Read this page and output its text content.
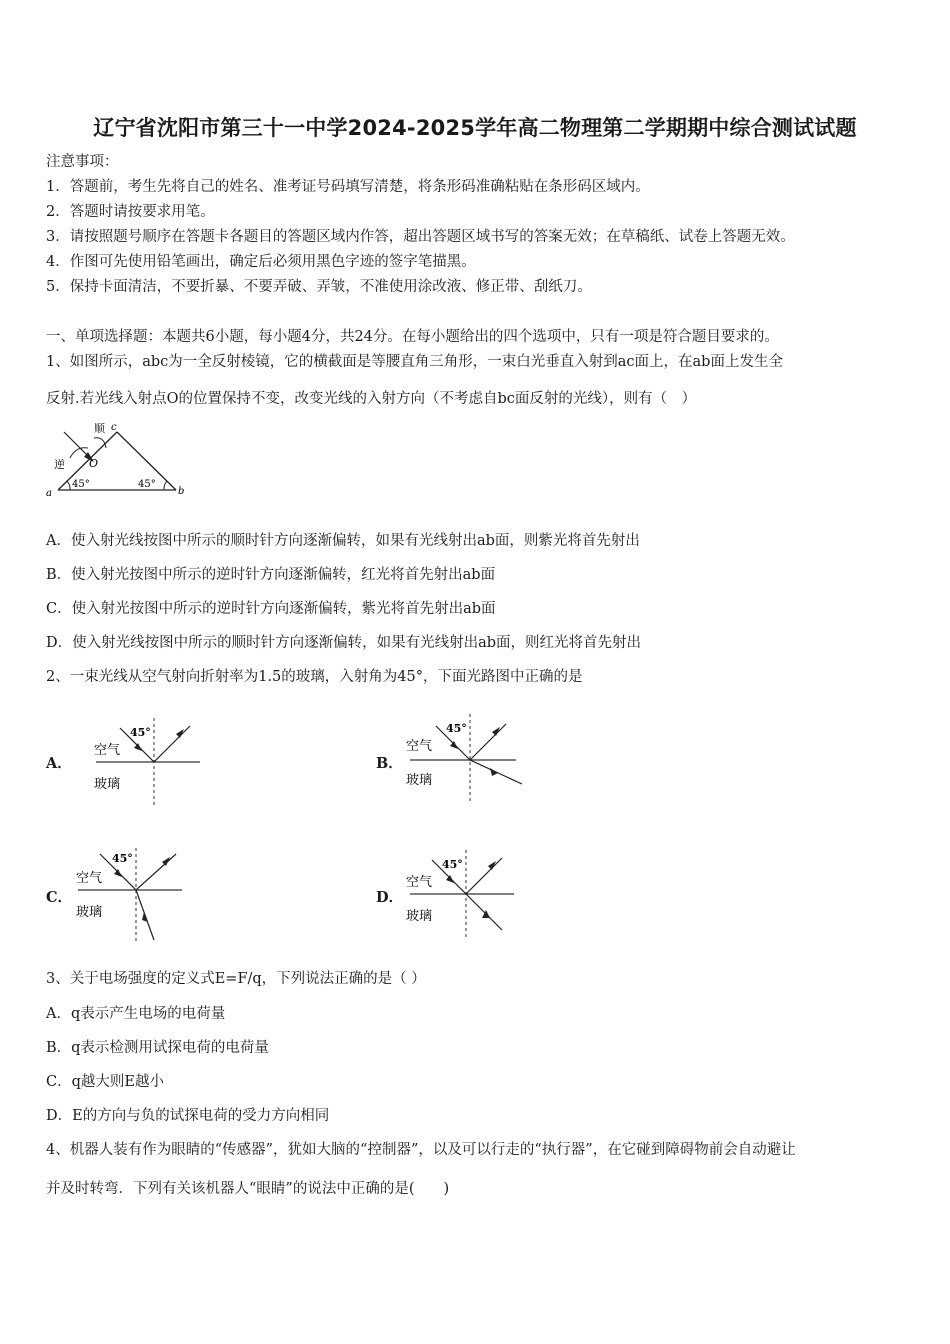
辽宁省沈阳市第三十一中学2024-2025学年高二物理第二学期期中综合测试试题
注意事项：
1．答题前，考生先将自己的姓名、准考证号码填写清楚，将条形码准确粘贴在条形码区域内。
2．答题时请按要求用笔。
3．请按照题号顺序在答题卡各题目的答题区域内作答，超出答题区域书写的答案无效；在草稿纸、试卷上答题无效。
4．作图可先使用铅笔画出，确定后必须用黑色字迹的签字笔描黑。
5．保持卡面清洁，不要折暴、不要弄破、弄皱，不准使用涂改液、修正带、刮纸刀。
一、单项选择题：本题共6小题，每小题4分，共24分。在每小题给出的四个选项中，只有一项是符合题目要求的。
1、如图所示，abc为一全反射棱镜，它的横截面是等腰直角三角形，一束白光垂直入射到ac面上，在ab面上发生全
反射.若光线入射点O的位置保持不变，改变光线的入射方向（不考虑自bc面反射的光线），则有（　）
顺
逆 O
a	b
c
45°	45°
A．使入射光线按图中所示的顺时针方向逐渐偏转，如果有光线射出ab面，则紫光将首先射出
B．使入射光按图中所示的逆时针方向逐渐偏转，红光将首先射出ab面
C．使入射光按图中所示的逆时针方向逐渐偏转，紫光将首先射出ab面
D．使入射光线按图中所示的顺时针方向逐渐偏转，如果有光线射出ab面，则红光将首先射出
2、一束光线从空气射向折射率为1.5的玻璃，入射角为45°，下面光路图中正确的是
A．	B．
C．	D．
45°
空气
玻璃
45°
空气
玻璃
45°
空气
玻璃
45°
空气
玻璃
3、关于电场强度的定义式E=F/q，下列说法正确的是（ ）
A．q表示产生电场的电荷量
B．q表示检测用试探电荷的电荷量
C．q越大则E越小
D．E的方向与负的试探电荷的受力方向相同
4、机器人装有作为眼睛的“传感器”，犹如大脑的“控制器”，以及可以行走的“执行器”，在它碰到障碍物前会自动避让
并及时转弯．下列有关该机器人“眼睛”的说法中正确的是(　　)
